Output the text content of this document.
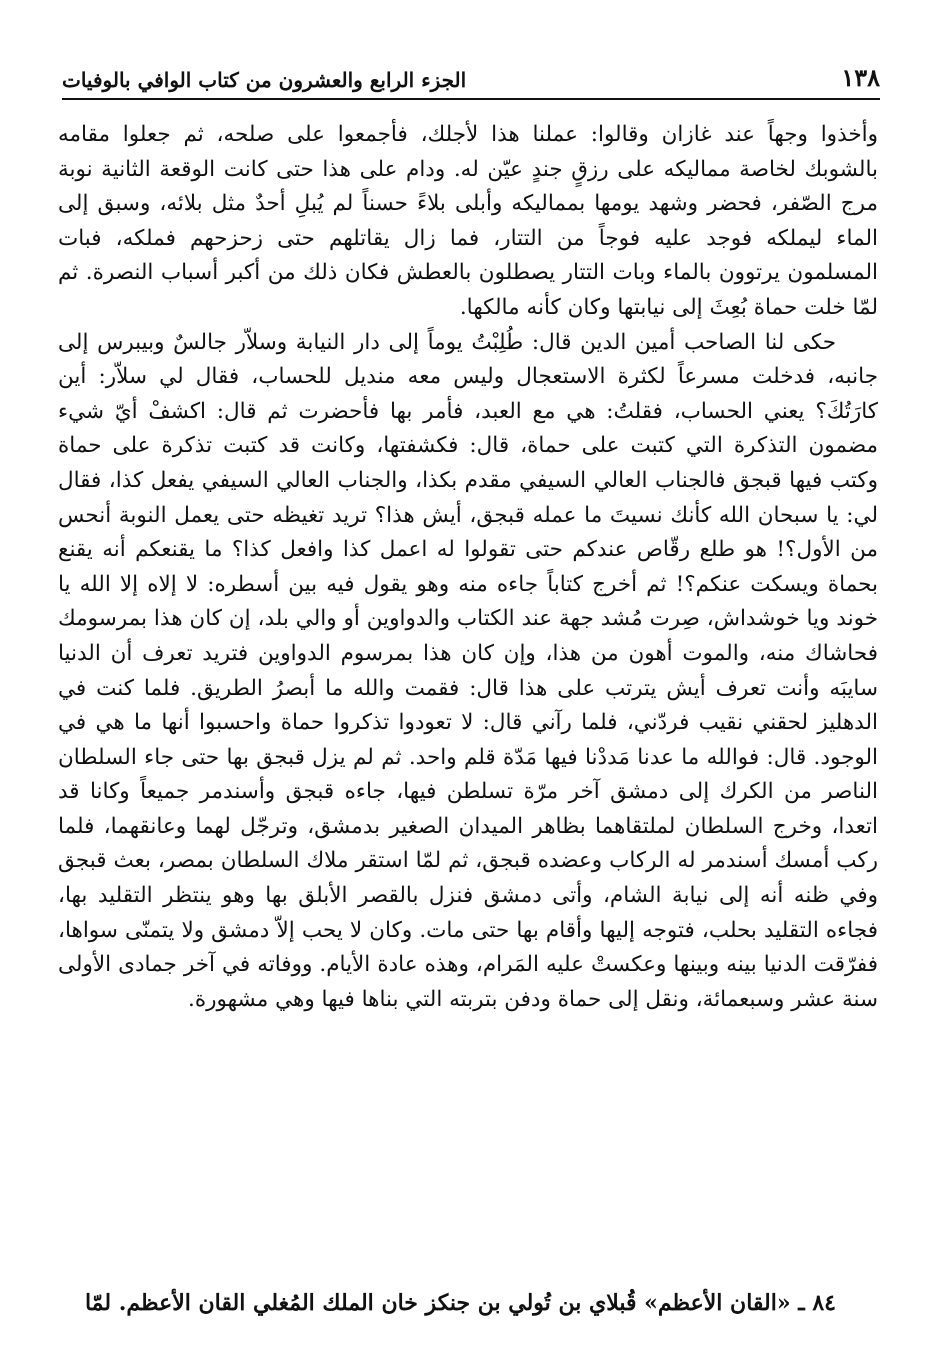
١٣٨
الجزء الرابع والعشرون من كتاب الوافي بالوفيات

وأخذوا وجهاً عند غازان وقالوا: عملنا هذا لأجلك، فأجمعوا على صلحه، ثم جعلوا مقامه بالشوبك لخاصة مماليكه على رزقٍ جندٍ عيّن له. ودام على هذا حتى كانت الوقعة الثانية نوبة مرج الصّفر، فحضر وشهد يومها بمماليكه وأبلى بلاءً حسناً لم يُبلِ أحدٌ مثل بلائه، وسبق إلى الماء ليملكه فوجد عليه فوجاً من التتار، فما زال يقاتلهم حتى زحزحهم فملكه، فبات المسلمون يرتوون بالماء وبات التتار يصطلون بالعطش فكان ذلك من أكبر أسباب النصرة. ثم لمّا خلت حماة بُعِثَ إلى نيابتها وكان كأنه مالكها.

حكى لنا الصاحب أمين الدين قال: طُلِبْتُ يوماً إلى دار النيابة وسلاّر جالسٌ وبيبرس إلى جانبه، فدخلت مسرعاً لكثرة الاستعجال وليس معه منديل للحساب، فقال لي سلاّر: أين كارَتُكَ؟ يعني الحساب، فقلتُ: هي مع العبد، فأمر بها فأحضرت ثم قال: اكشفْ أيّ شيء مضمون التذكرة التي كتبت على حماة، قال: فكشفتها، وكانت قد كتبت تذكرة على حماة وكتب فيها قبجق فالجناب العالي السيفي مقدم بكذا، والجناب العالي السيفي يفعل كذا، فقال لي: يا سبحان الله كأنك نسيتَ ما عمله قبجق، أيش هذا؟ تريد تغيظه حتى يعمل النوبة أنحس من الأول؟! هو طلع رقّاص عندكم حتى تقولوا له اعمل كذا وافعل كذا؟ ما يقنعكم أنه يقنع بحماة ويسكت عنكم؟! ثم أخرج كتاباً جاءه منه وهو يقول فيه بين أسطره: لا إلاه إلا الله يا خوند ويا خوشداش، صِرت مُشد جهة عند الكتاب والدواوين أو والي بلد، إن كان هذا بمرسومك فحاشاك منه، والموت أهون من هذا، وإن كان هذا بمرسوم الدواوين فتريد تعرف أن الدنيا سايبَه وأنت تعرف أيش يترتب على هذا قال: فقمت والله ما أبصرُ الطريق. فلما كنت في الدهليز لحقني نقيب فردّني، فلما رآني قال: لا تعودوا تذكروا حماة واحسبوا أنها ما هي في الوجود. قال: فوالله ما عدنا مَددْنا فيها مَدّة قلم واحد. ثم لم يزل قبجق بها حتى جاء السلطان الناصر من الكرك إلى دمشق آخر مرّة تسلطن فيها، جاءه قبجق وأسندمر جميعاً وكانا قد اتعدا، وخرج السلطان لملتقاهما بظاهر الميدان الصغير بدمشق، وترجّل لهما وعانقهما، فلما ركب أمسك أسندمر له الركاب وعضده قبجق، ثم لمّا استقر ملاك السلطان بمصر، بعث قبجق وفي ظنه أنه إلى نيابة الشام، وأتى دمشق فنزل بالقصر الأبلق بها وهو ينتظر التقليد بها، فجاءه التقليد بحلب، فتوجه إليها وأقام بها حتى مات. وكان لا يحب إلاّ دمشق ولا يتمنّى سواها، ففرّقت الدنيا بينه وبينها وعكستْ عليه المَرام، وهذه عادة الأيام. ووفاته في آخر جمادى الأولى سنة عشر وسبعمائة، ونقل إلى حماة ودفن بتربته التي بناها فيها وهي مشهورة.

٨٤ ـ «القان الأعظم» قُبلاي بن تُولي بن جنكز خان الملك المُغلي القان الأعظم. لمّا
